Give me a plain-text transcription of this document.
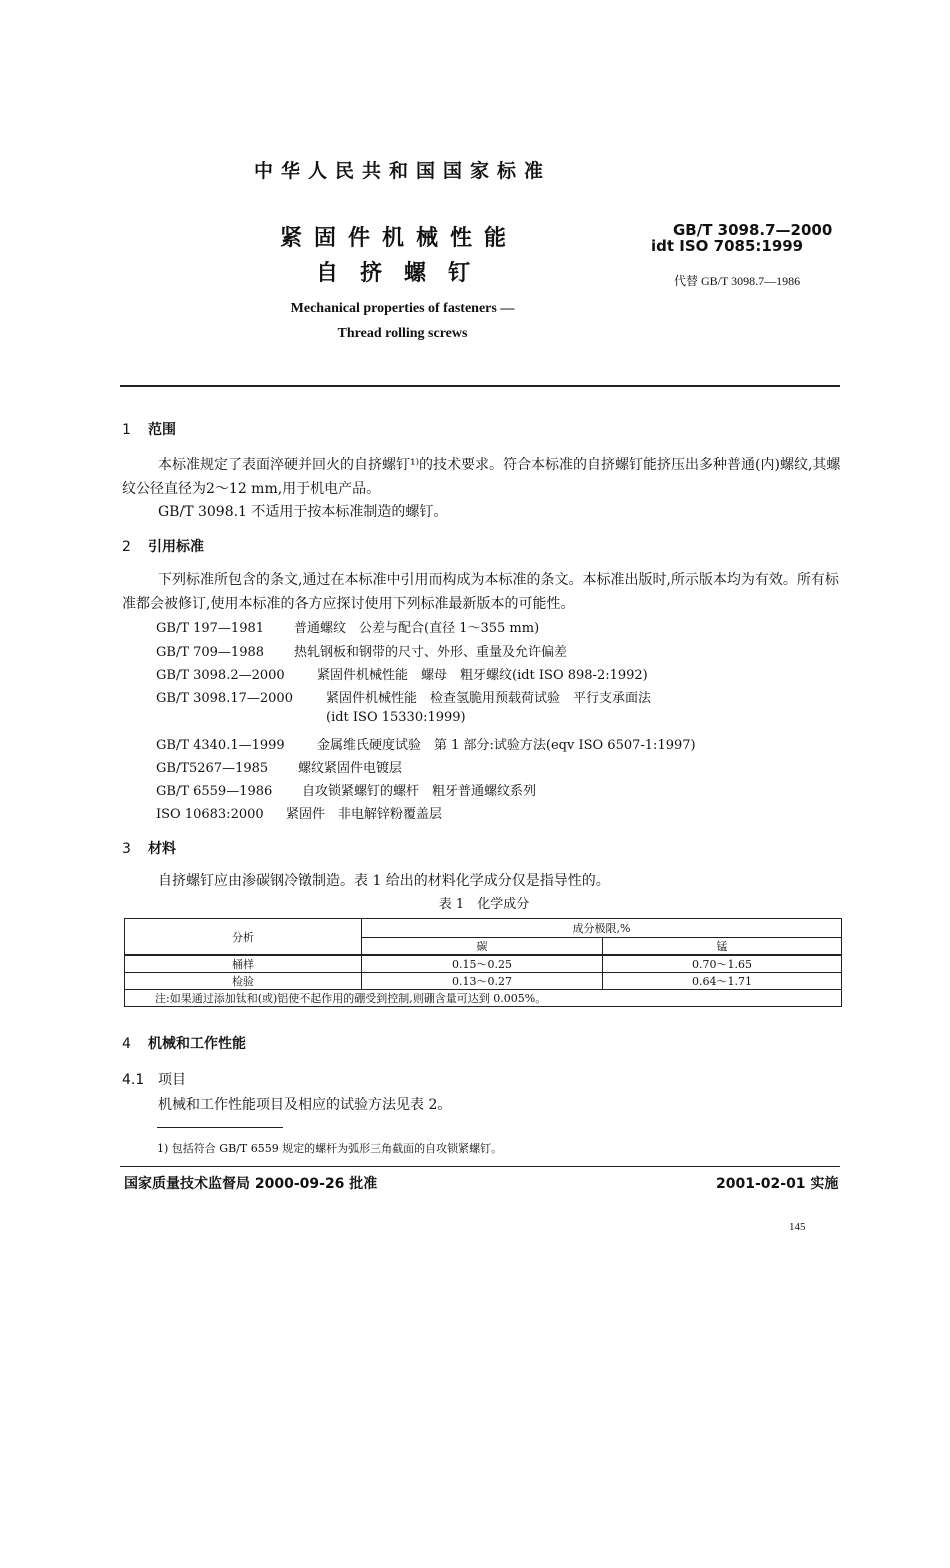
中华人民共和国国家标准
紧固件机械性能
自挤螺钉
GB/T 3098.7—2000
idt ISO 7085:1999
代替 GB/T 3098.7—1986
Mechanical properties of fasteners —
Thread rolling screws
1 范围
本标准规定了表面淬硬并回火的自挤螺钉¹⁾的技术要求。符合本标准的自挤螺钉能挤压出多种普通(内)螺纹,其螺纹公径直径为2～12 mm,用于机电产品。
GB/T 3098.1 不适用于按本标准制造的螺钉。
2 引用标准
下列标准所包含的条文,通过在本标准中引用而构成为本标准的条文。本标准出版时,所示版本均为有效。所有标准都会被修订,使用本标准的各方应探讨使用下列标准最新版本的可能性。
GB/T 197—1981 普通螺纹　公差与配合(直径 1～355 mm)
GB/T 709—1988 热轧钢板和钢带的尺寸、外形、重量及允许偏差
GB/T 3098.2—2000 紧固件机械性能　螺母　粗牙螺纹(idt ISO 898-2:1992)
GB/T 3098.17—2000	紧固件机械性能　检查氢脆用预载荷试验　平行支承面法
(idt ISO 15330:1999)
GB/T 4340.1—1999 金属维氏硬度试验　第 1 部分:试验方法(eqv ISO 6507-1:1997)
GB/T5267—1985 螺纹紧固件电镀层
GB/T 6559—1986 自攻锁紧螺钉的螺杆　粗牙普通螺纹系列
ISO 10683:2000 紧固件　非电解锌粉覆盖层
3 材料
自挤螺钉应由渗碳钢冷镦制造。表 1 给出的材料化学成分仅是指导性的。
表 1　化学成分
分析	成分极限,%	
	碳	锰
桶样	0.15～0.25	0.70～1.65
检验	0.13～0.27	0.64～1.71
注:如果通过添加钛和(或)铝使不起作用的硼受到控制,则硼含量可达到 0.005%。		
4 机械和工作性能
4.1 项目
机械和工作性能项目及相应的试验方法见表 2。
1) 包括符合 GB/T 6559 规定的螺杆为弧形三角截面的自攻锁紧螺钉。
国家质量技术监督局 2000-09-26 批准	2001-02-01 实施
145
